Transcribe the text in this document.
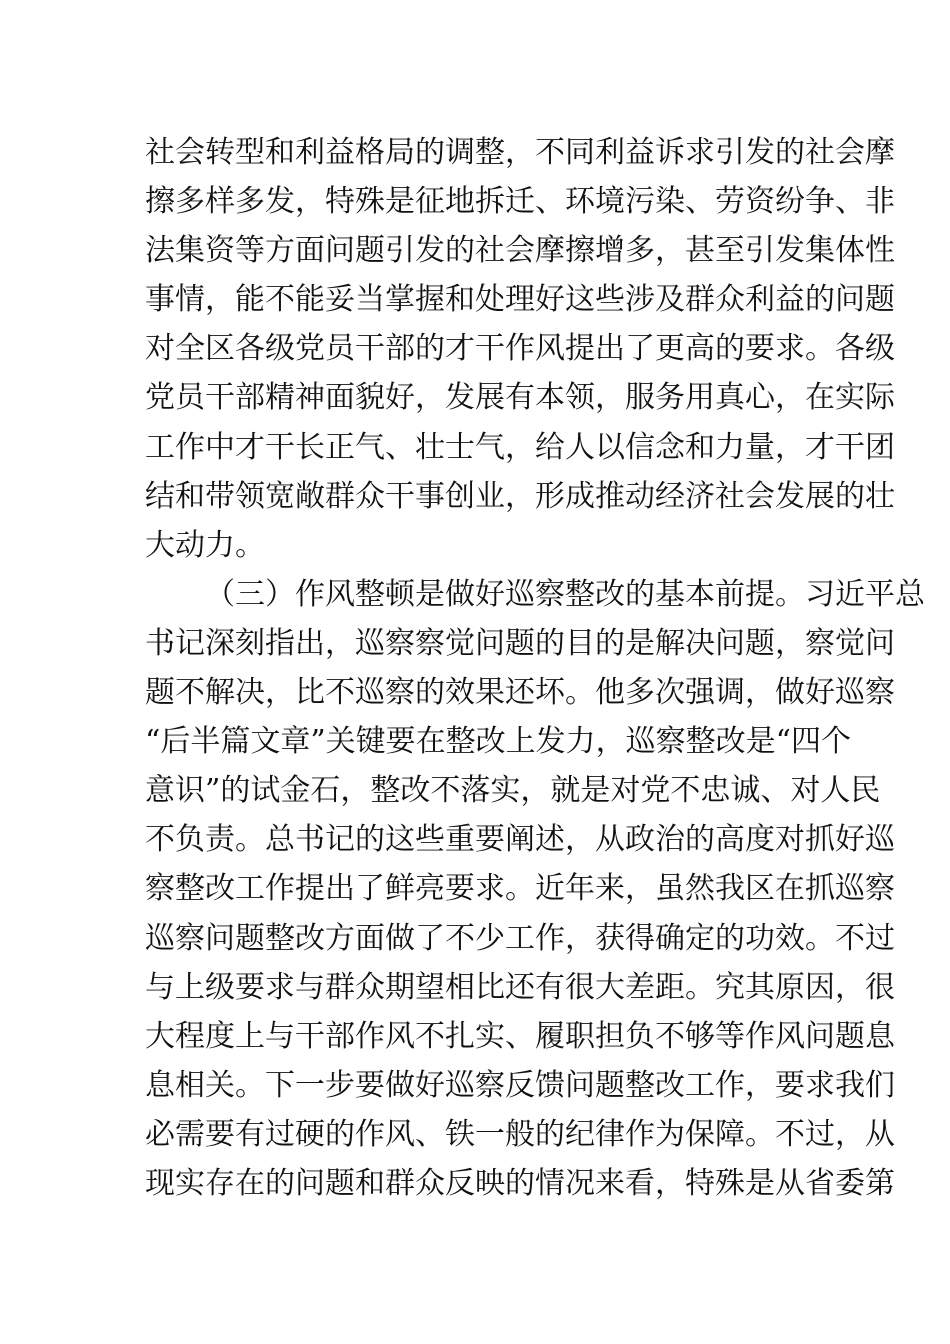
社会转型和利益格局的调整，不同利益诉求引发的社会摩
擦多样多发，特殊是征地拆迁、环境污染、劳资纷争、非
法集资等方面问题引发的社会摩擦增多，甚至引发集体性
事情，能不能妥当掌握和处理好这些涉及群众利益的问题
对全区各级党员干部的才干作风提出了更高的要求。各级
党员干部精神面貌好，发展有本领，服务用真心，在实际
工作中才干长正气、壮士气，给人以信念和力量，才干团
结和带领宽敞群众干事创业，形成推动经济社会发展的壮
大动力。
（三）作风整顿是做好巡察整改的基本前提。习近平总
书记深刻指出，巡察察觉问题的目的是解决问题，察觉问
题不解决，比不巡察的效果还坏。他多次强调，做好巡察
“后半篇文章”关键要在整改上发力，巡察整改是“四个
意识”的试金石，整改不落实，就是对党不忠诚、对人民
不负责。总书记的这些重要阐述，从政治的高度对抓好巡
察整改工作提出了鲜亮要求。近年来，虽然我区在抓巡察
巡察问题整改方面做了不少工作，获得确定的功效。不过
与上级要求与群众期望相比还有很大差距。究其原因，很
大程度上与干部作风不扎实、履职担负不够等作风问题息
息相关。下一步要做好巡察反馈问题整改工作，要求我们
必需要有过硬的作风、铁一般的纪律作为保障。不过，从
现实存在的问题和群众反映的情况来看，特殊是从省委第
